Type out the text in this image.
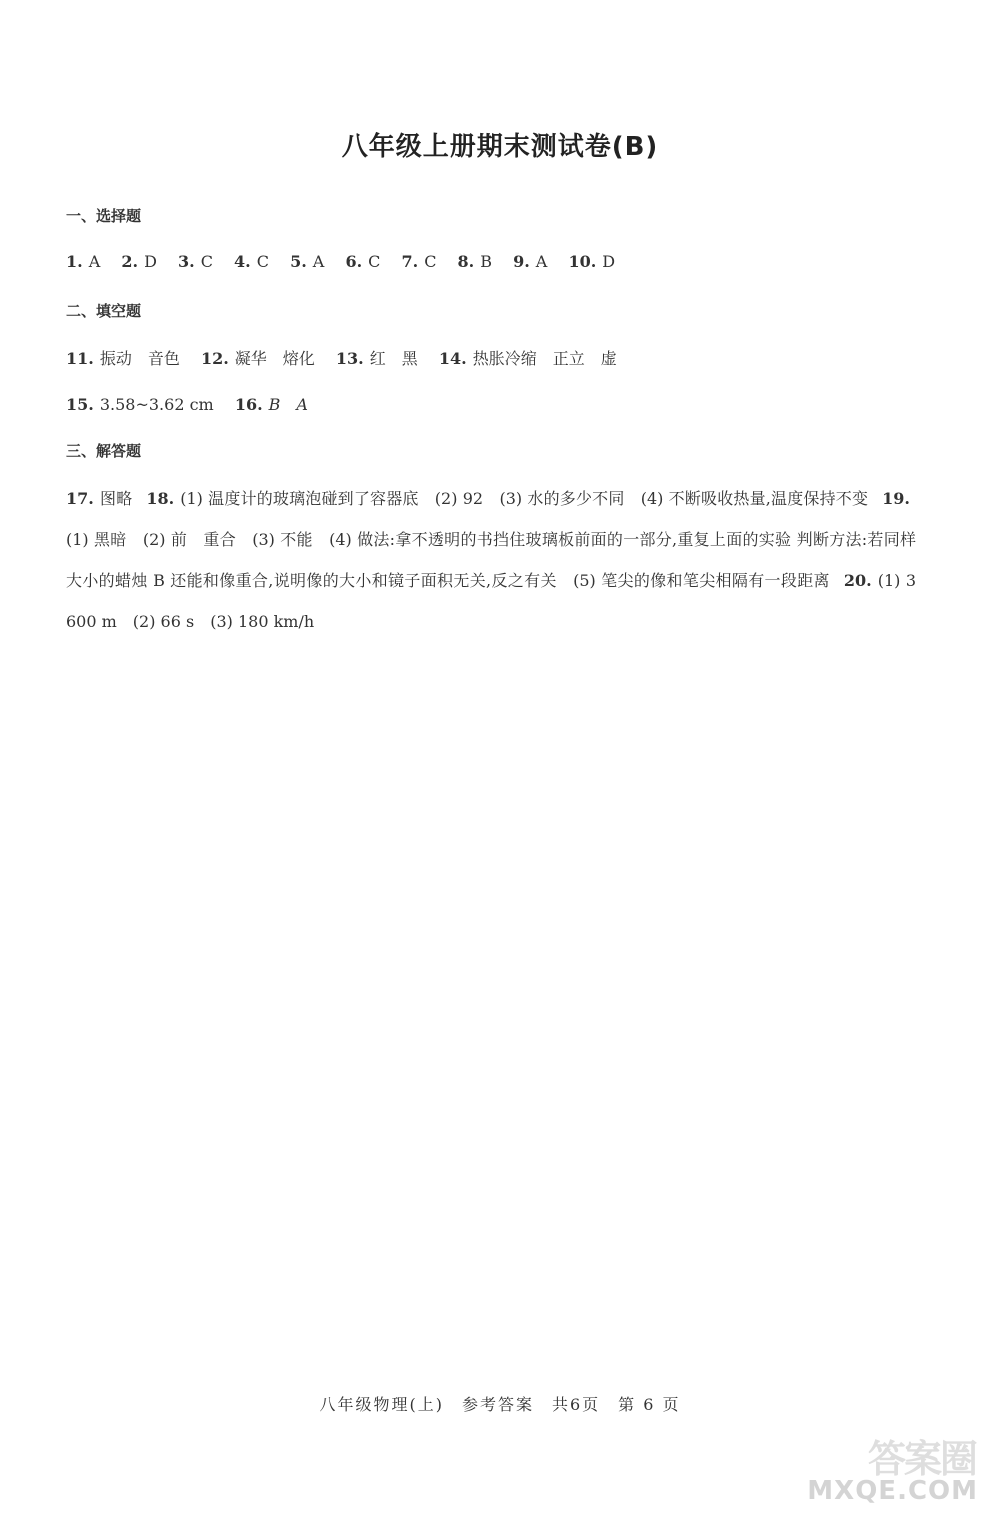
八年级上册期末测试卷(B)
一、选择题
1. A 2. D 3. C 4. C 5. A 6. C 7. C 8. B 9. A 10. D
二、填空题
11. 振动　音色 12. 凝华　熔化 13. 红　黑 14. 热胀冷缩　正立　虚
15. 3.58~3.62 cm 16. B　A
三、解答题
17. 图略 18. (1) 温度计的玻璃泡碰到了容器底　(2) 92　(3) 水的多少不同　(4) 不断吸收热量,温度保持不变 19.(1) 黑暗　(2) 前　重合　(3) 不能　(4) 做法:拿不透明的书挡住玻璃板前面的一部分,重复上面的实验 判断方法:若同样大小的蜡烛 B 还能和像重合,说明像的大小和镜子面积无关,反之有关　(5) 笔尖的像和笔尖相隔有一段距离 20. (1) 3 600 m　(2) 66 s　(3) 180 km/h
八年级物理(上)　参考答案　共6页　第 6 页
答案圈
MXQE.COM
